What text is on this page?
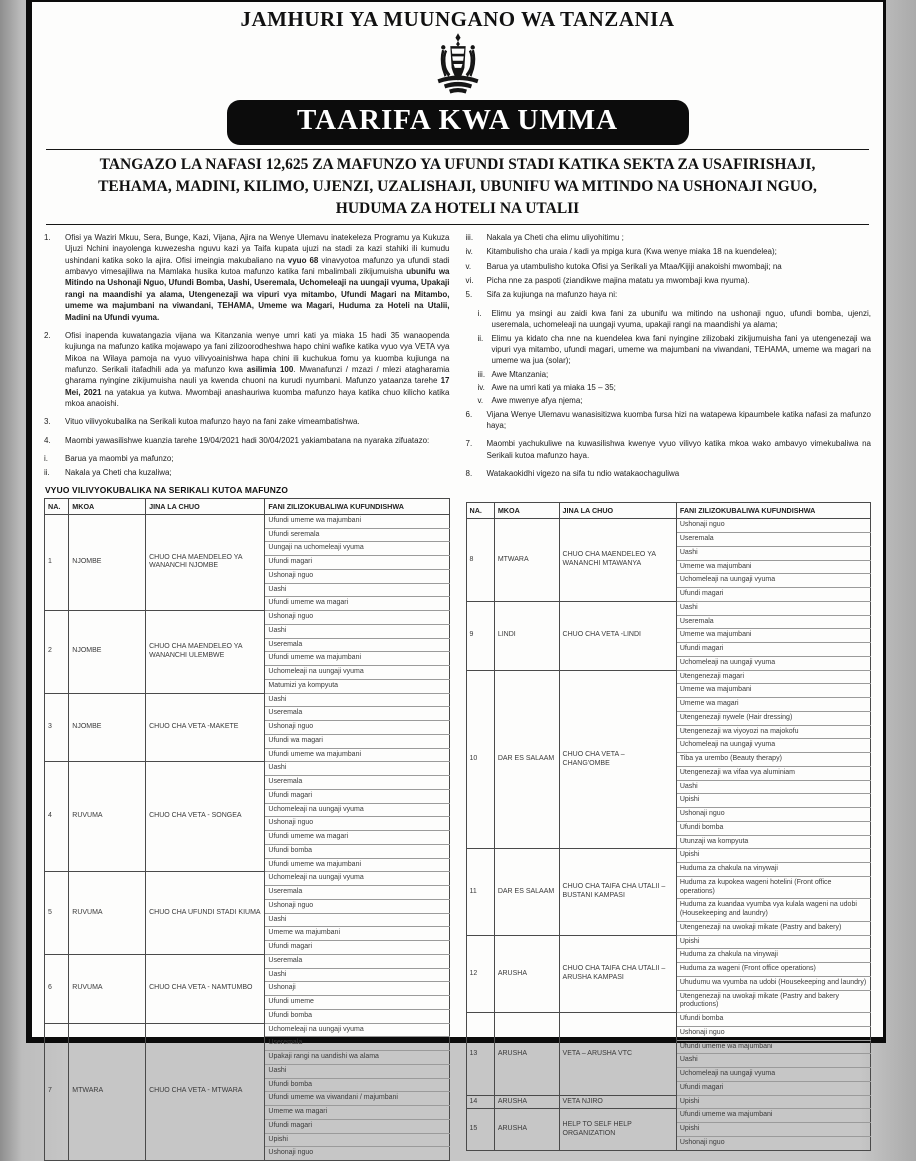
JAMHURI YA MUUNGANO WA TANZANIA
TAARIFA KWA UMMA
TANGAZO LA NAFASI 12,625 ZA MAFUNZO YA UFUNDI STADI KATIKA SEKTA ZA USAFIRISHAJI, TEHAMA, MADINI, KILIMO, UJENZI, UZALISHAJI, UBUNIFU WA MITINDO NA USHONAJI NGUO, HUDUMA ZA HOTELI NA UTALII
1.	Ofisi ya Waziri Mkuu, Sera, Bunge, Kazi, Vijana, Ajira na Wenye Ulemavu inatekeleza Programu ya Kukuza Ujuzi Nchini inayolenga kuwezesha nguvu kazi ya Taifa kupata ujuzi na stadi za kazi stahiki ili kumudu ushindani katika soko la ajira. Ofisi imeingia makubaliano na vyuo 68 vinavyotoa mafunzo ya ufundi stadi ambavyo vimesajiliwa na Mamlaka husika kutoa mafunzo katika fani mbalimbali zikijumuisha ubunifu wa Mitindo na Ushonaji Nguo, Ufundi Bomba, Uashi, Useremala, Uchomeleaji na uungaji vyuma, Upakaji rangi na maandishi ya alama, Utengenezaji wa vipuri vya mitambo, Ufundi Magari na Mitambo, umeme wa majumbani na viwandani, TEHAMA, Umeme wa Magari, Huduma za Hoteli na Utalii, Madini na Ufundi vyuma.
2.	Ofisi inapenda kuwatangazia vijana wa Kitanzania wenye umri kati ya miaka 15 hadi 35 wanaopenda kujiunga na mafunzo katika mojawapo ya fani zilizoorodheshwa hapo chini wafike katika vyuo vya VETA vya Mikoa na Wilaya pamoja na vyuo vilivyoainishwa hapa chini ili kuchukua fomu ya kuomba kujiunga na mafunzo. Serikali itafadhili ada ya mafunzo kwa asilimia 100. Mwanafunzi / mzazi / mlezi atagharamia gharama nyingine zikijumuisha nauli ya kwenda chuoni na kurudi nyumbani. Mafunzo yataanza tarehe 17 Mei, 2021 na yatakua ya kutwa. Mwombaji anashauriwa kuomba mafunzo haya katika chuo kilicho katika mkoa anaoishi.
3.	Vituo vilivyokubalika na Serikali kutoa mafunzo hayo na fani zake vimeambatishwa.
4.	Maombi yawasilishwe kuanzia tarehe 19/04/2021 hadi 30/04/2021 yakiambatana na nyaraka zifuatazo:
i.	Barua ya maombi ya mafunzo;
ii.	Nakala ya Cheti cha kuzaliwa;
VYUO VILIVYOKUBALIKA NA SERIKALI KUTOA MAFUNZO
NA.	MKOA	JINA LA CHUO	FANI ZILIZOKUBALIWA KUFUNDISHWA
1	NJOMBE	CHUO CHA MAENDELEO YA WANANCHI NJOMBE	Ufundi umeme wa majumbani
			Ufundi seremala
			Uungaji na uchomeleaji vyuma
			Ufundi magari
			Ushonaji nguo
			Uashi
			Ufundi umeme wa magari
2	NJOMBE	CHUO CHA MAENDELEO YA WANANCHI ULEMBWE	Ushonaji nguo
			Uashi
			Useremala
			Ufundi umeme wa majumbani
			Uchomeleaji na uungaji vyuma
			Matumizi ya kompyuta
3	NJOMBE	CHUO CHA VETA -MAKETE	Uashi
			Useremala
			Ushonaji nguo
			Ufundi wa magari
			Ufundi umeme wa majumbani
4	RUVUMA	CHUO CHA VETA - SONGEA	Uashi
			Useremala
			Ufundi magari
			Uchomeleaji na uungaji vyuma
			Ushonaji nguo
			Ufundi umeme wa magari
			Ufundi bomba
			Ufundi umeme wa majumbani
5	RUVUMA	CHUO CHA UFUNDI STADI KIUMA	Uchomeleaji na uungaji vyuma
			Useremala
			Ushonaji nguo
			Uashi
			Umeme wa majumbani
			Ufundi magari
6	RUVUMA	CHUO CHA VETA - NAMTUMBO	Useremala
			Uashi
			Ushonaji
			Ufundi umeme
			Ufundi bomba
7	MTWARA	CHUO CHA VETA - MTWARA	Uchomeleaji na uungaji vyuma
			Useremala
			Upakaji rangi na uandishi wa alama
			Uashi
			Ufundi bomba
			Ufundi umeme wa viwandani / majumbani
			Umeme wa magari
			Ufundi magari
			Upishi
			Ushonaji nguo
iii.	Nakala ya Cheti cha elimu uliyohitimu ;
iv.	Kitambulisho cha uraia / kadi ya mpiga kura (Kwa wenye miaka 18 na kuendelea);
v.	Barua ya utambulisho kutoka Ofisi ya Serikali ya Mtaa/Kijiji anakoishi mwombaji; na
vi.	Picha nne za paspoti (ziandikwe majina matatu ya mwombaji kwa nyuma).
5.	Sifa za kujiunga na mafunzo haya ni:
i.	Elimu ya msingi au zaidi kwa fani za ubunifu wa mitindo na ushonaji nguo, ufundi bomba, ujenzi, useremala, uchomeleaji na uungaji vyuma, upakaji rangi na maandishi ya alama;
ii.	Elimu ya kidato cha nne na kuendelea kwa fani nyingine zilizobaki zikijumuisha fani ya utengenezaji wa vipuri vya mitambo, ufundi magari, umeme wa majumbani na viwandani, TEHAMA, umeme wa magari na umeme wa jua (solar);
iii. Awe Mtanzania;
iv. Awe na umri kati ya miaka 15 – 35;
v.	Awe mwenye afya njema;
6.	Vijana Wenye Ulemavu wanasisitizwa kuomba fursa hizi na watapewa kipaumbele katika nafasi za mafunzo haya;
7.	Maombi yachukuliwe na kuwasilishwa kwenye vyuo vilivyo katika mkoa wako ambavyo vimekubaliwa na Serikali kutoa mafunzo haya.
8.	Watakaokidhi vigezo na sifa tu ndio watakaochaguliwa
NA.	MKOA	JINA LA CHUO	FANI ZILIZOKUBALIWA KUFUNDISHWA
8	MTWARA	CHUO CHA MAENDELEO YA WANANCHI MTAWANYA	Ushonaji nguo
			Useremala
			Uashi
			Umeme wa majumbani
			Uchomeleaji na uungaji vyuma
			Ufundi magari
9	LINDI	CHUO CHA VETA -LINDI	Uashi
			Useremala
			Umeme wa majumbani
			Ufundi magari
			Uchomeleaji na uungaji vyuma
10	DAR ES SALAAM	CHUO CHA VETA – CHANG'OMBE	Utengenezaji magari
			Umeme wa majumbani
			Umeme wa magari
			Utengenezaji nywele (Hair dressing)
			Utengenezaji wa viyoyozi na majokofu
			Uchomeleaji na uungaji vyuma
			Tiba ya urembo (Beauty therapy)
			Utengenezaji wa vifaa vya aluminiam
			Uashi
			Upishi
			Ushonaji nguo
			Ufundi bomba
			Utunzaji wa kompyuta
11	DAR ES SALAAM	CHUO CHA TAIFA CHA UTALII – BUSTANI KAMPASI	Upishi
			Huduma za chakula na vinywaji
			Huduma za kupokea wageni hotelini (Front office operations)
			Huduma za kuandaa vyumba vya kulala wageni na udobi (Housekeeping and laundry)
			Utengenezaji na uwokaji mikate (Pastry and bakery)
12	ARUSHA	CHUO CHA TAIFA CHA UTALII – ARUSHA KAMPASI	Upishi
			Huduma za chakula na vinywaji
			Huduma za wageni (Front office operations)
			Uhudumu wa vyumba na udobi (Housekeeping and laundry)
			Utengenezaji na uwokaji mikate (Pastry and bakery productions)
13	ARUSHA	VETA – ARUSHA VTC	Ufundi bomba
			Ushonaji nguo
			Ufundi umeme wa majumbani
			Uashi
			Uchomeleaji na uungaji vyuma
			Ufundi magari
14	ARUSHA	VETA NJIRO	Upishi
15	ARUSHA	HELP TO SELF HELP ORGANIZATION	Ufundi umeme wa majumbani
			Upishi
			Ushonaji nguo
